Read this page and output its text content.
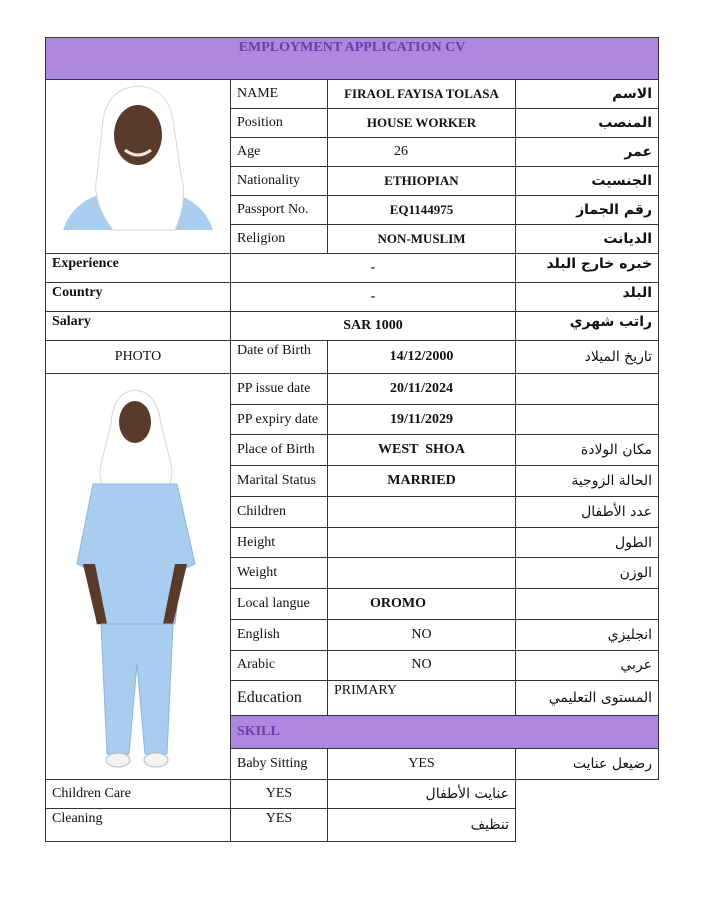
EMPLOYMENT APPLICATION CV			
	NAME	FIRAOL FAYISA TOLASA	الاسم
	Position	HOUSE WORKER	المنصب
	Age	26	عمر
	Nationality	ETHIOPIAN	الجنسيت
	Passport No.	EQ1144975	رقم الجماز
	Religion	NON-MUSLIM	الديانت
Experience	-		خبره خارج البلد
Country	-		البلد
Salary	SAR 1000		راتب شهري
PHOTO	Date of Birth	14/12/2000	تاريخ الميلاد
	PP issue date	20/11/2024	
	PP expiry date	19/11/2029	
	Place of Birth	WEST  SHOA	مكان الولادة
	Marital Status	MARRIED	الحالة الزوجية
	Children		عدد الأطفال
	Height		الطول
	Weight		الوزن
	Local langue	OROMO	
	English	NO	انجليزي
	Arabic	NO	عربي
	Education	PRIMARY	المستوى التعليمي
	SKILL		
	Baby Sitting	YES	رضيعل عنايت
Children Care	YES	عنايت الأطفال	
Cleaning	YES	تنظيف	
